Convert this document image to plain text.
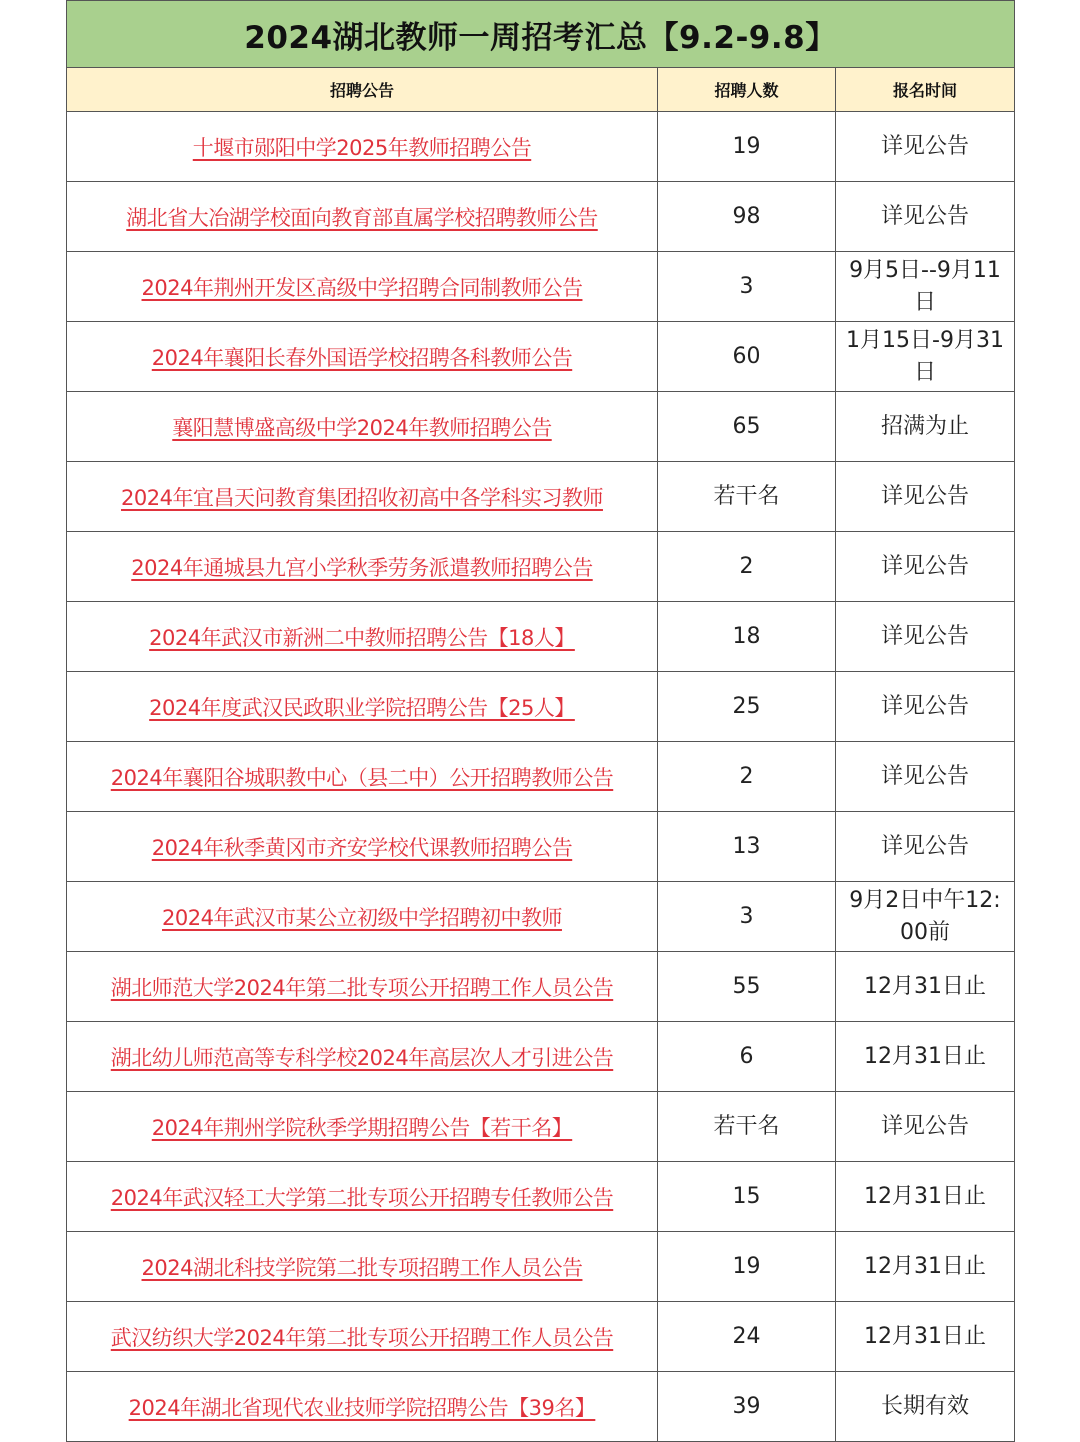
2024湖北教师一周招考汇总【9.2-9.8】		
招聘公告	招聘人数	报名时间
十堰市郧阳中学2025年教师招聘公告	19	详见公告
湖北省大冶湖学校面向教育部直属学校招聘教师公告	98	详见公告
2024年荆州开发区高级中学招聘合同制教师公告	3	9月5日--9月11日
2024年襄阳长春外国语学校招聘各科教师公告	60	1月15日-9月31日
襄阳慧博盛高级中学2024年教师招聘公告	65	招满为止
2024年宜昌天问教育集团招收初高中各学科实习教师	若干名	详见公告
2024年通城县九宫小学秋季劳务派遣教师招聘公告	2	详见公告
2024年武汉市新洲二中教师招聘公告【18人】	18	详见公告
2024年度武汉民政职业学院招聘公告【25人】	25	详见公告
2024年襄阳谷城职教中心（县二中）公开招聘教师公告	2	详见公告
2024年秋季黄冈市齐安学校代课教师招聘公告	13	详见公告
2024年武汉市某公立初级中学招聘初中教师	3	9月2日中午12:00前
湖北师范大学2024年第二批专项公开招聘工作人员公告	55	12月31日止
湖北幼儿师范高等专科学校2024年高层次人才引进公告	6	12月31日止
2024年荆州学院秋季学期招聘公告【若干名】	若干名	详见公告
2024年武汉轻工大学第二批专项公开招聘专任教师公告	15	12月31日止
2024湖北科技学院第二批专项招聘工作人员公告	19	12月31日止
武汉纺织大学2024年第二批专项公开招聘工作人员公告	24	12月31日止
2024年湖北省现代农业技师学院招聘公告【39名】	39	长期有效
